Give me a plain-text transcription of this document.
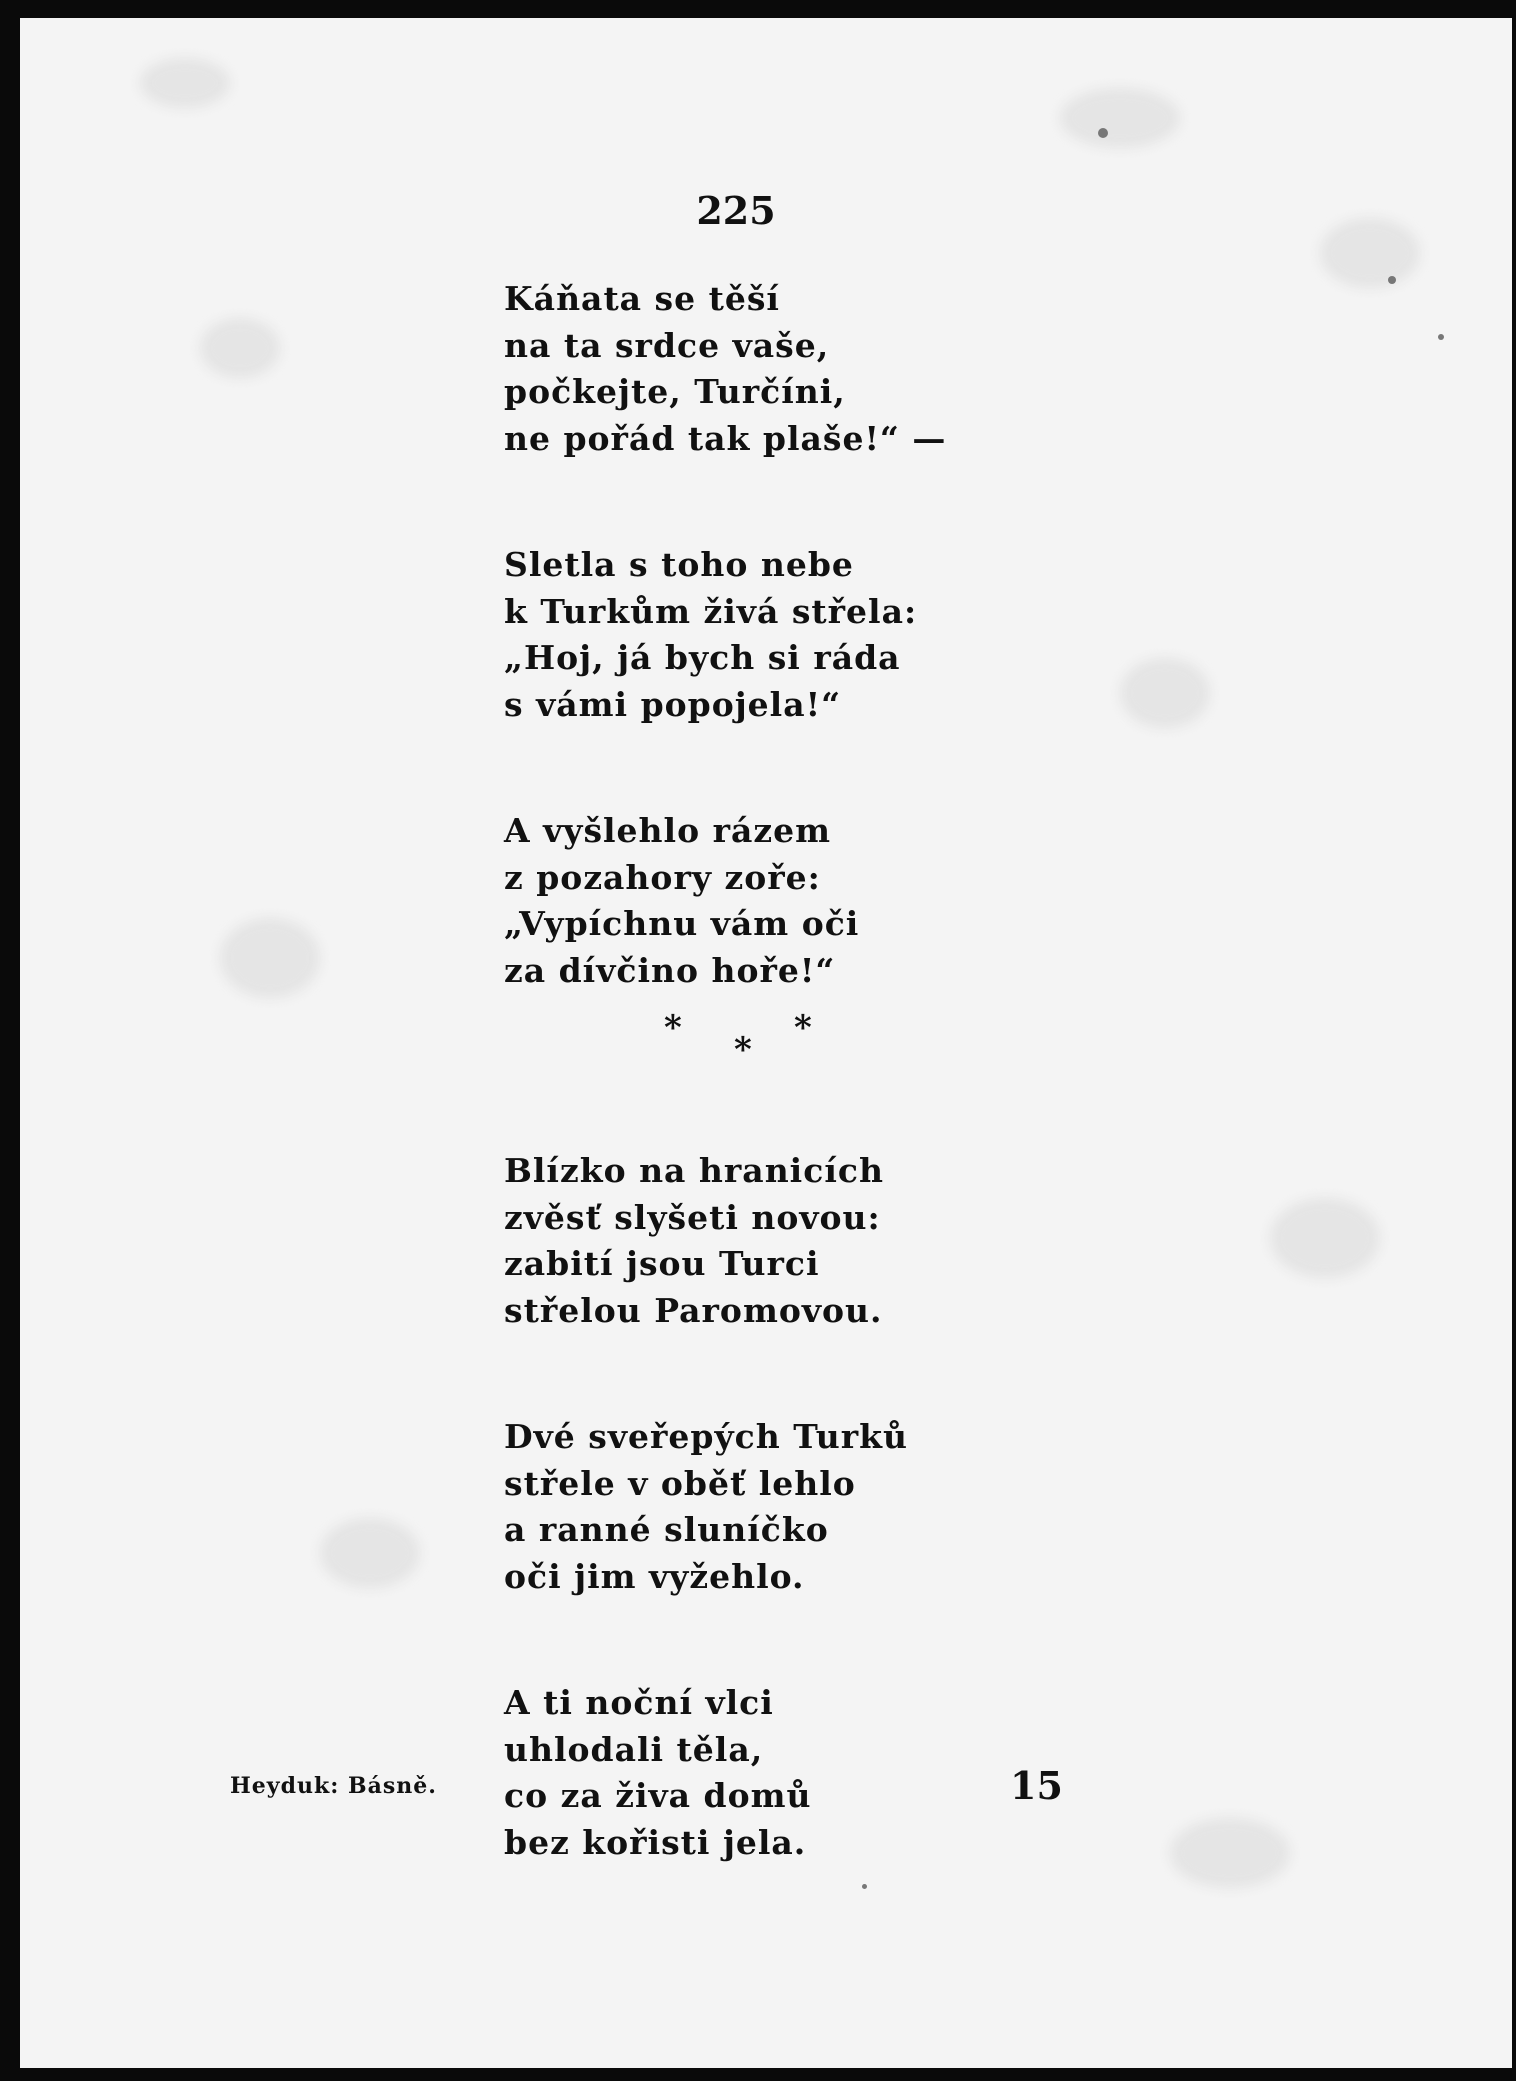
225
Káňata se těší
na ta srdce vaše,
počkejte, Turčíni,
ne pořád tak plaše!“ —
Sletla s toho nebe
k Turkům živá střela:
„Hoj, já bych si ráda
s vámi popojela!“
A vyšlehlo rázem
z pozahory zoře:
„Vypíchnu vám oči
za dívčino hoře!“
*
*
*
Blízko na hranicích
zvěsť slyšeti novou:
zabití jsou Turci
střelou Paromovou.
Dvé sveřepých Turků
střele v oběť lehlo
a ranné sluníčko
oči jim vyžehlo.
A ti noční vlci
uhlodali těla,
co za živa domů
bez kořisti jela.
Heyduk: Básně.	15
